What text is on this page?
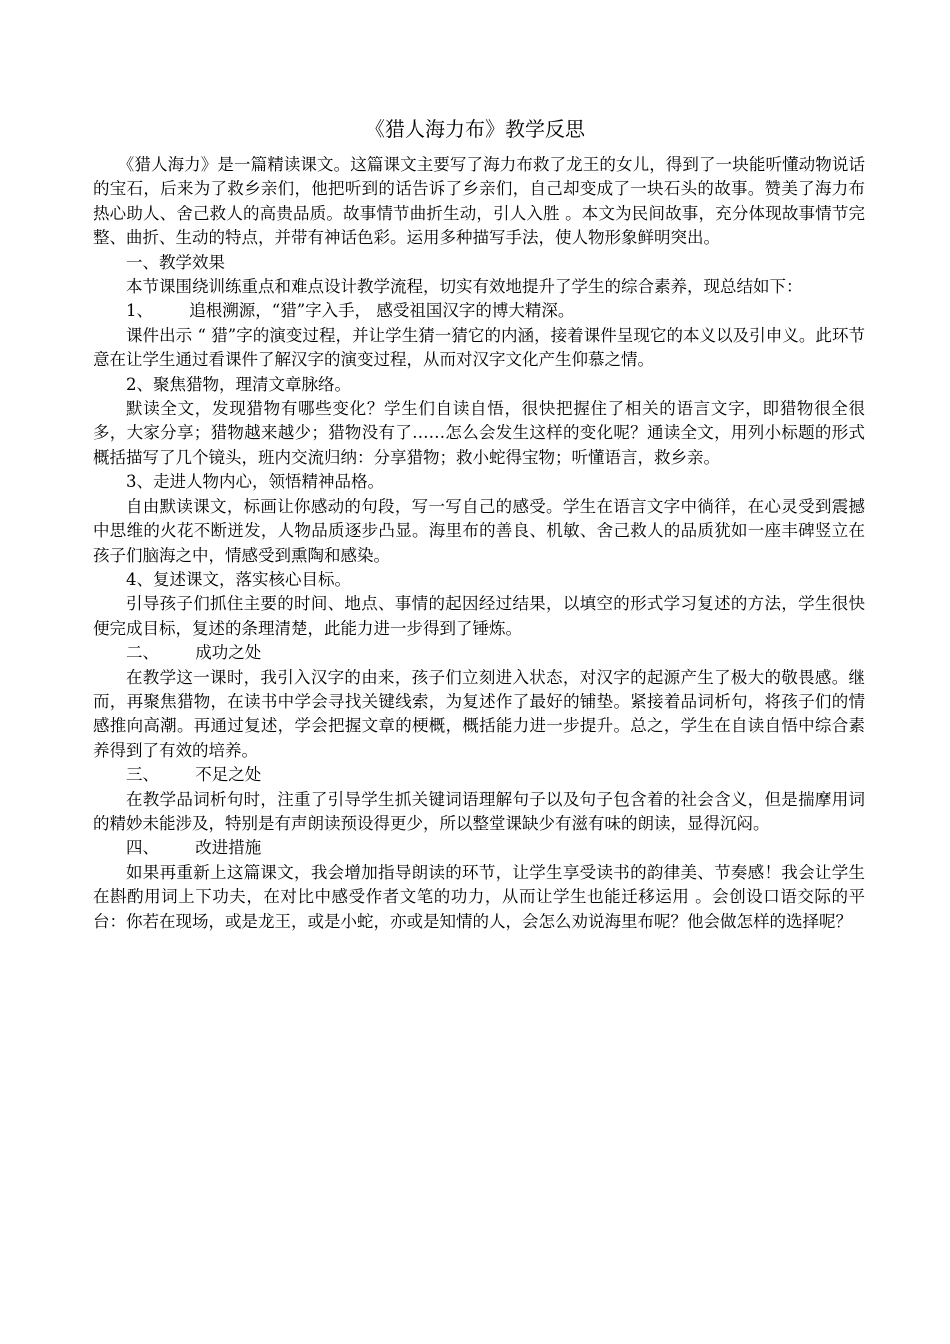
《猎人海力布》教学反思

《猎人海力》是一篇精读课文。这篇课文主要写了海力布救了龙王的女儿，得到了一块能听懂动物说话的宝石，后来为了救乡亲们，他把听到的话告诉了乡亲们，自己却变成了一块石头的故事。赞美了海力布热心助人、舍己救人的高贵品质。故事情节曲折生动，引人入胜 。本文为民间故事，充分体现故事情节完整、曲折、生动的特点，并带有神话色彩。运用多种描写手法，使人物形象鲜明突出。

一、教学效果

本节课围绕训练重点和难点设计教学流程，切实有效地提升了学生的综合素养，现总结如下：

1、 追根溯源，“猎”字入手， 感受祖国汉字的博大精深。

课件出示 “ 猎”字的演变过程，并让学生猜一猜它的内涵，接着课件呈现它的本义以及引申义。此环节意在让学生通过看课件了解汉字的演变过程，从而对汉字文化产生仰慕之情。

2、聚焦猎物，理清文章脉络。

默读全文，发现猎物有哪些变化？学生们自读自悟，很快把握住了相关的语言文字，即猎物很全很多，大家分享；猎物越来越少；猎物没有了……怎么会发生这样的变化呢？通读全文，用列小标题的形式概括描写了几个镜头，班内交流归纳：分享猎物；救小蛇得宝物；听懂语言，救乡亲。

3、走进人物内心，领悟精神品格。

自由默读课文，标画让你感动的句段，写一写自己的感受。学生在语言文字中徜徉，在心灵受到震撼中思维的火花不断迸发，人物品质逐步凸显。海里布的善良、机敏、舍己救人的品质犹如一座丰碑竖立在孩子们脑海之中，情感受到熏陶和感染。

4、复述课文，落实核心目标。

引导孩子们抓住主要的时间、地点、事情的起因经过结果，以填空的形式学习复述的方法，学生很快便完成目标，复述的条理清楚，此能力进一步得到了锤炼。

二、 成功之处

在教学这一课时，我引入汉字的由来，孩子们立刻进入状态，对汉字的起源产生了极大的敬畏感。继而，再聚焦猎物，在读书中学会寻找关键线索，为复述作了最好的铺垫。紧接着品词析句，将孩子们的情感推向高潮。再通过复述，学会把握文章的梗概，概括能力进一步提升。总之，学生在自读自悟中综合素养得到了有效的培养。

三、 不足之处

在教学品词析句时，注重了引导学生抓关键词语理解句子以及句子包含着的社会含义，但是揣摩用词的精妙未能涉及，特别是有声朗读预设得更少，所以整堂课缺少有滋有味的朗读，显得沉闷。

四、 改进措施

如果再重新上这篇课文，我会增加指导朗读的环节，让学生享受读书的韵律美、节奏感！我会让学生在斟酌用词上下功夫，在对比中感受作者文笔的功力，从而让学生也能迁移运用 。会创设口语交际的平台：你若在现场，或是龙王，或是小蛇，亦或是知情的人，会怎么劝说海里布呢？他会做怎样的选择呢？
